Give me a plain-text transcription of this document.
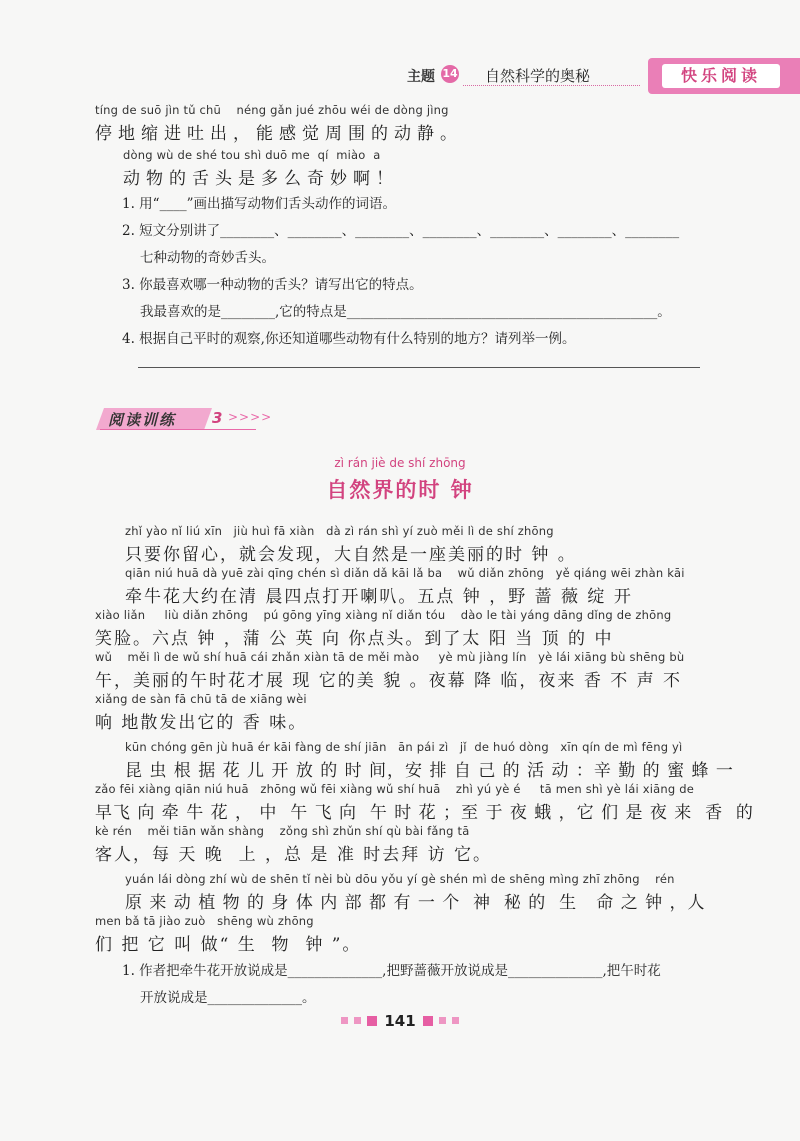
主题 14 自然科学的奥秘	快乐阅读
tíng de suō jìn tǔ chū    néng gǎn jué zhōu wéi de dòng jìng
停地缩进吐出，能感觉周围的动静。
dòng wù de shé tou shì duō me  qí  miào  a
动物的舌头是多么奇妙啊！
1. 用“____”画出描写动物们舌头动作的词语。
2. 短文分别讲了________、________、________、________、________、________、________
七种动物的奇妙舌头。
3. 你最喜欢哪一种动物的舌头？请写出它的特点。
我最喜欢的是________,它的特点是______________________________________________。
4. 根据自己平时的观察,你还知道哪些动物有什么特别的地方？请列举一例。
阅读训练 3 >>>>
zì rán jiè de shí zhōng
自然界的时 钟
zhǐ yào nǐ liú xīn   jiù huì fā xiàn   dà zì rán shì yí zuò měi lì de shí zhōng
只要你留心，就会发现，大自然是一座美丽的时 钟 。
qiān niú huā dà yuē zài qīng chén sì diǎn dǎ kāi lǎ ba    wǔ diǎn zhōng   yě qiáng wēi zhàn kāi
牵牛花大约在清 晨四点打开喇叭。五点 钟 ，野 蔷 薇 绽 开
xiào liǎn     liù diǎn zhōng    pú gōng yīng xiàng nǐ diǎn tóu    dào le tài yáng dāng dǐng de zhōng
笑脸。六点 钟 ，蒲 公 英 向 你点头。到了太 阳 当 顶 的 中
wǔ    měi lì de wǔ shí huā cái zhǎn xiàn tā de měi mào     yè mù jiàng lín   yè lái xiāng bù shēng bù
午，美丽的午时花才展 现 它的美 貌 。夜幕 降 临，夜来 香 不 声 不
xiǎng de sàn fā chū tā de xiāng wèi
响 地散发出它的 香 味。
kūn chóng gēn jù huā ér kāi fàng de shí jiān   ān pái zì   jǐ  de huó dòng   xīn qín de mì fēng yì
昆 虫 根 据 花 儿 开 放 的 时 间，安 排 自 己 的 活 动 ：辛 勤 的 蜜 蜂 一
zǎo fēi xiàng qiān niú huā   zhōng wǔ fēi xiàng wǔ shí huā    zhì yú yè é     tā men shì yè lái xiāng de
早飞 向 牵 牛 花 ， 中  午 飞 向  午 时 花 ；至 于 夜 蛾 ，它 们 是 夜 来  香  的
kè rén    měi tiān wǎn shàng    zǒng shì zhǔn shí qù bài fǎng tā
客人，每 天 晚  上 ，总 是 准 时去拜 访 它。
yuán lái dòng zhí wù de shēn tǐ nèi bù dōu yǒu yí gè shén mì de shēng mìng zhī zhōng    rén
原 来 动 植 物 的 身 体 内 部 都 有 一 个  神  秘 的  生   命 之 钟 ，人
men bǎ tā jiào zuò   shēng wù zhōng
们 把 它 叫 做“ 生  物  钟 ”。
1. 作者把牵牛花开放说成是______________,把野蔷薇开放说成是______________,把午时花
开放说成是______________。
141
